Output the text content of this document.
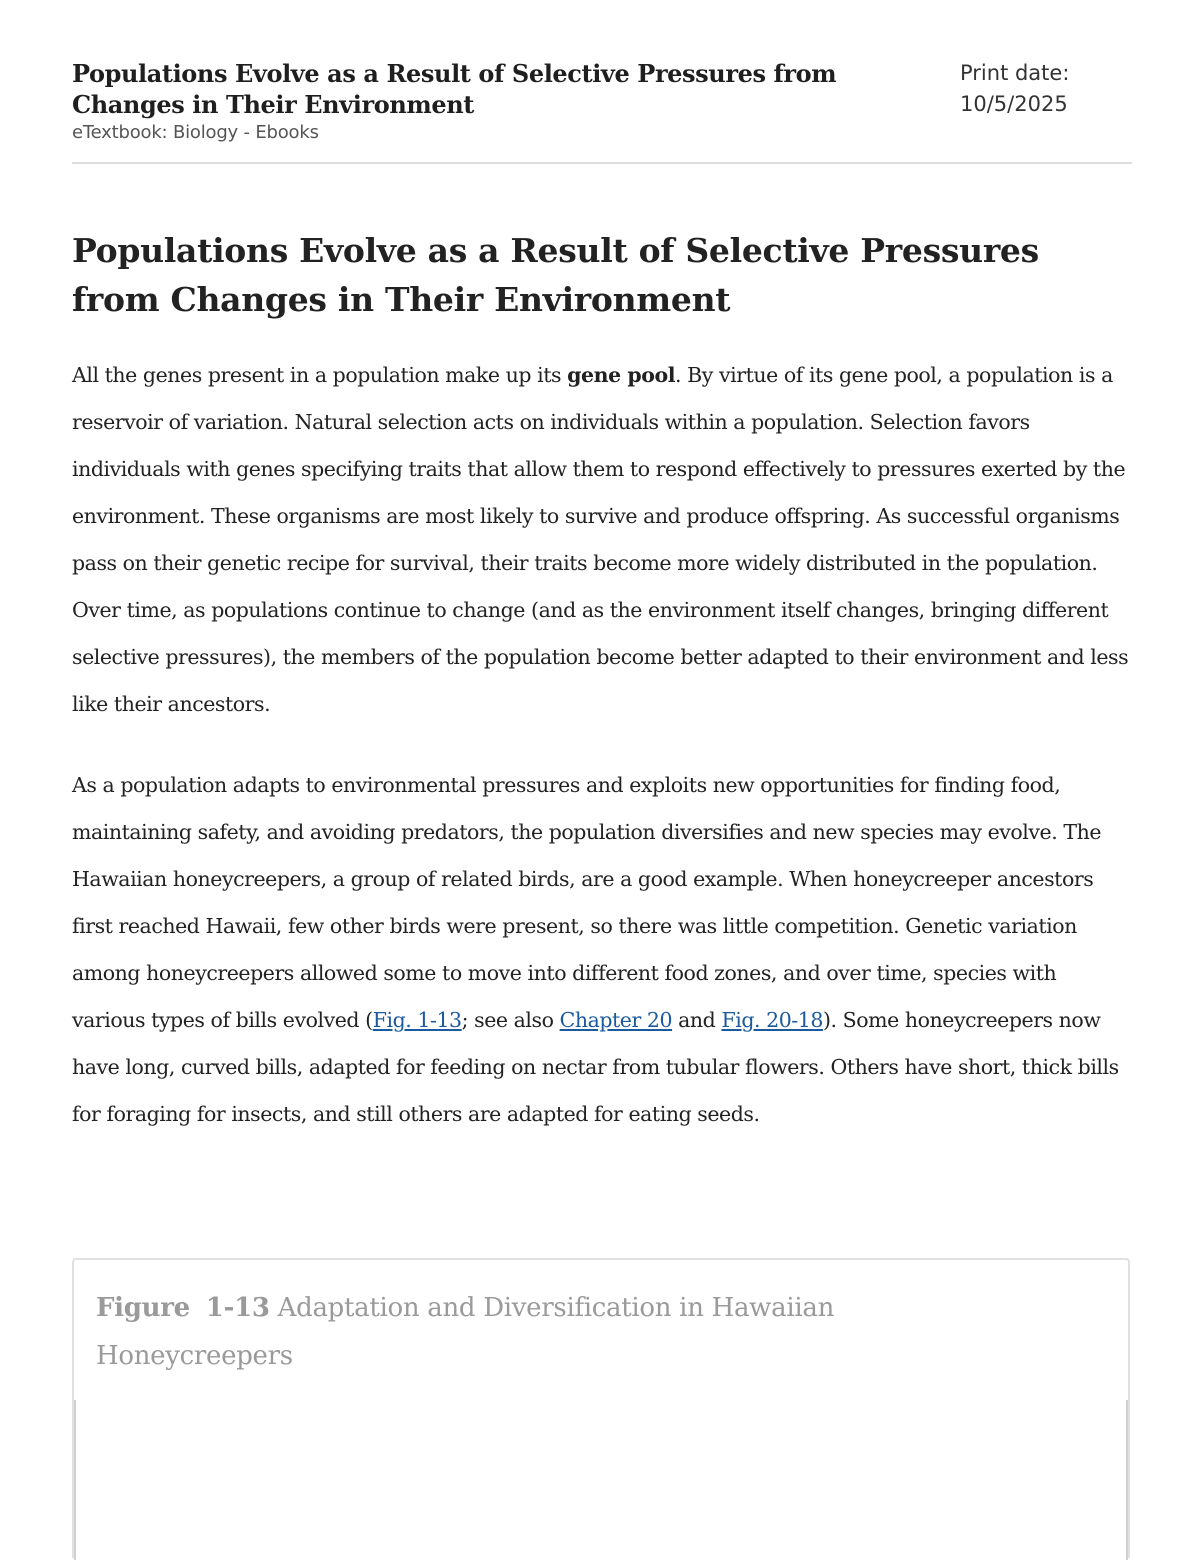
Populations Evolve as a Result of Selective Pressures from Changes in Their Environment
eTextbook: Biology - Ebooks
Print date:
10/5/2025
Populations Evolve as a Result of Selective Pressures from Changes in Their Environment
All the genes present in a population make up its gene pool. By virtue of its gene pool, a population is a reservoir of variation. Natural selection acts on individuals within a population. Selection favors individuals with genes specifying traits that allow them to respond effectively to pressures exerted by the environment. These organisms are most likely to survive and produce offspring. As successful organisms pass on their genetic recipe for survival, their traits become more widely distributed in the population. Over time, as populations continue to change (and as the environment itself changes, bringing different selective pressures), the members of the population become better adapted to their environment and less like their ancestors.
As a population adapts to environmental pressures and exploits new opportunities for finding food, maintaining safety, and avoiding predators, the population diversifies and new species may evolve. The Hawaiian honeycreepers, a group of related birds, are a good example. When honeycreeper ancestors first reached Hawaii, few other birds were present, so there was little competition. Genetic variation among honeycreepers allowed some to move into different food zones, and over time, species with various types of bills evolved (Fig. 1-13; see also Chapter 20 and Fig. 20-18). Some honeycreepers now have long, curved bills, adapted for feeding on nectar from tubular flowers. Others have short, thick bills for foraging for insects, and still others are adapted for eating seeds.
Figure 1-13 Adaptation and Diversification in Hawaiian Honeycreepers
